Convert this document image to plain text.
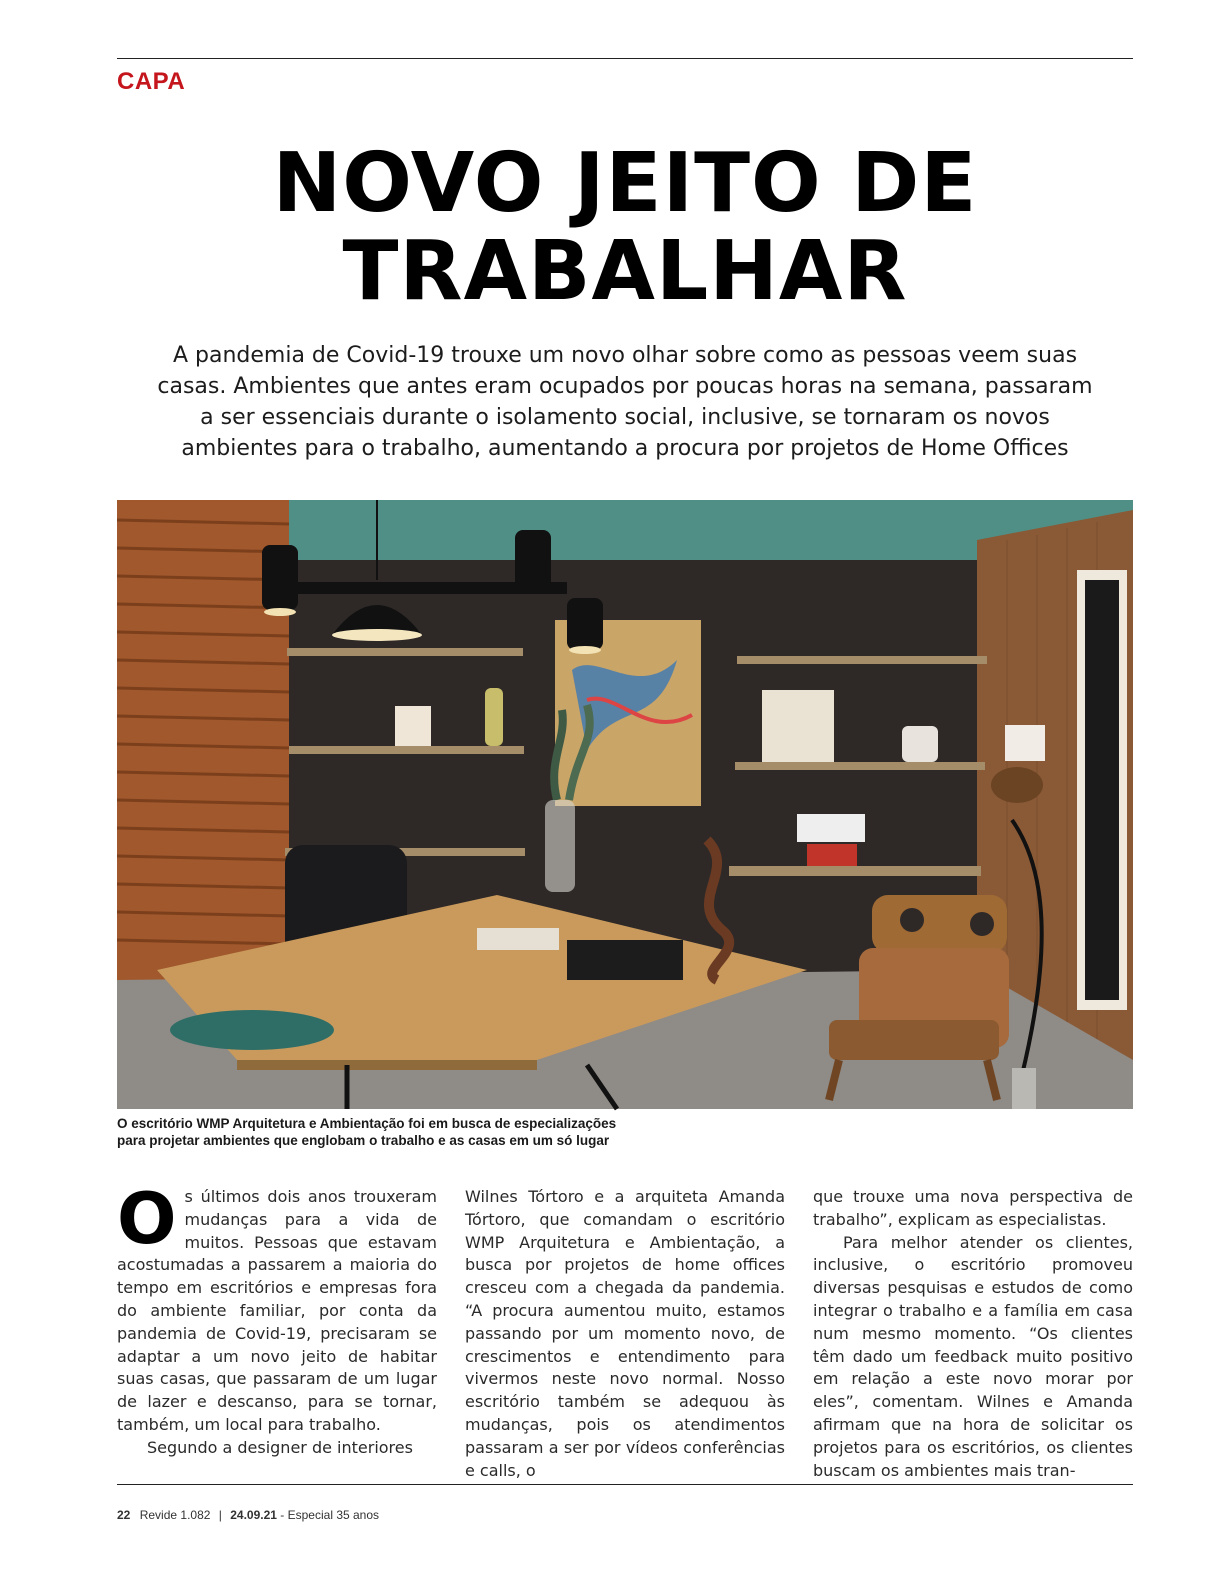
CAPA
NOVO JEITO DE
TRABALHAR
A pandemia de Covid-19 trouxe um novo olhar sobre como as pessoas veem suas casas. Ambientes que antes eram ocupados por poucas horas na semana, passaram a ser essenciais durante o isolamento social, inclusive, se tornaram os novos ambientes para o trabalho, aumentando a procura por projetos de Home Offices
O escritório WMP Arquitetura e Ambientação foi em busca de especializações
para projetar ambientes que englobam o trabalho e as casas em um só lugar

Os últimos dois anos trouxeram mudanças para a vida de muitos. Pessoas que estavam acostumadas a passarem a maioria do tempo em escritórios e empresas fora do ambiente familiar, por conta da pandemia de Covid-19, precisaram se adaptar a um novo jeito de habitar suas casas, que passaram de um lugar de lazer e descanso, para se tornar, também, um local para trabalho.

Segundo a designer de interiores

Wilnes Tórtoro e a arquiteta Amanda Tórtoro, que comandam o escritório WMP Arquitetura e Ambientação, a busca por projetos de home offices cresceu com a chegada da pandemia. “A procura aumentou muito, estamos passando por um momento novo, de crescimentos e entendimento para vivermos neste novo normal. Nosso escritório também se adequou às mudanças, pois os atendimentos passaram a ser por vídeos conferências e calls, o

que trouxe uma nova perspectiva de trabalho”, explicam as especialistas.

Para melhor atender os clientes, inclusive, o escritório promoveu diversas pesquisas e estudos de como integrar o trabalho e a família em casa num mesmo momento. “Os clientes têm dado um feedback muito positivo em relação a este novo morar por eles”, comentam. Wilnes e Amanda afirmam que na hora de solicitar os projetos para os escritórios, os clientes buscam os ambientes mais tran-

22 Revide 1.082 | 24.09.21 - Especial 35 anos
